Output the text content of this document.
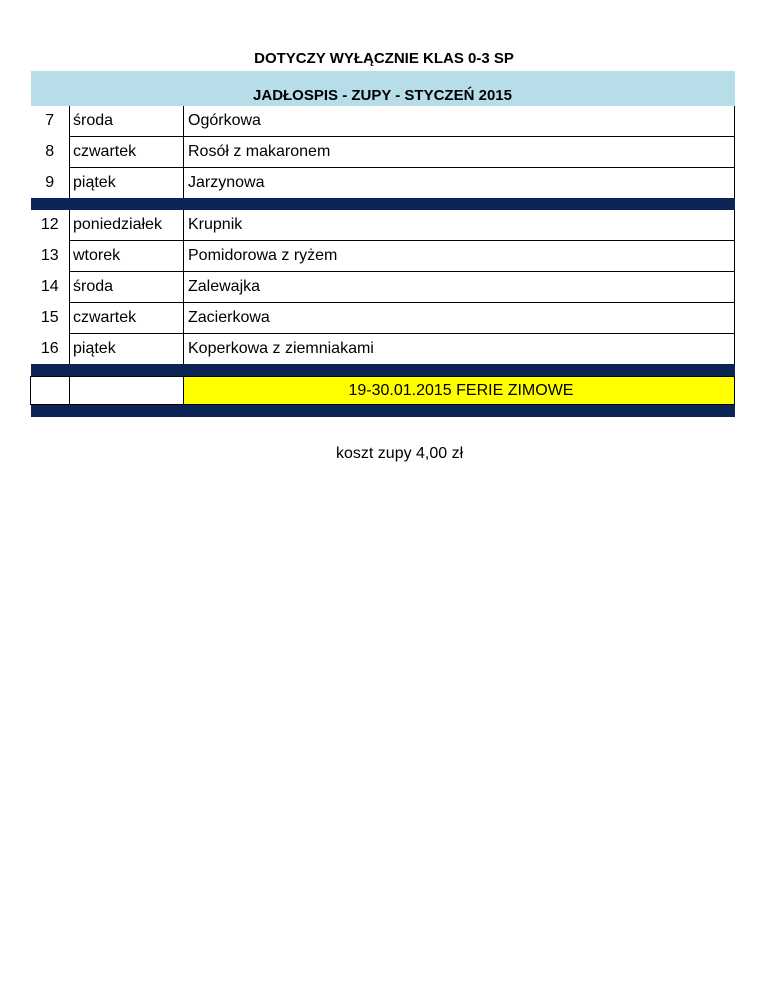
DOTYCZY WYŁĄCZNIE KLAS 0-3 SP
JADŁOSPIS - ZUPY - STYCZEŃ 2015		
7	środa	Ogórkowa
8	czwartek	Rosół z makaronem
9	piątek	Jarzynowa

12	poniedziałek	Krupnik
13	wtorek	Pomidorowa z ryżem
14	środa	Zalewajka
15	czwartek	Zacierkowa
16	piątek	Koperkowa z ziemniakami

		19-30.01.2015 FERIE ZIMOWE

koszt zupy 4,00 zł
